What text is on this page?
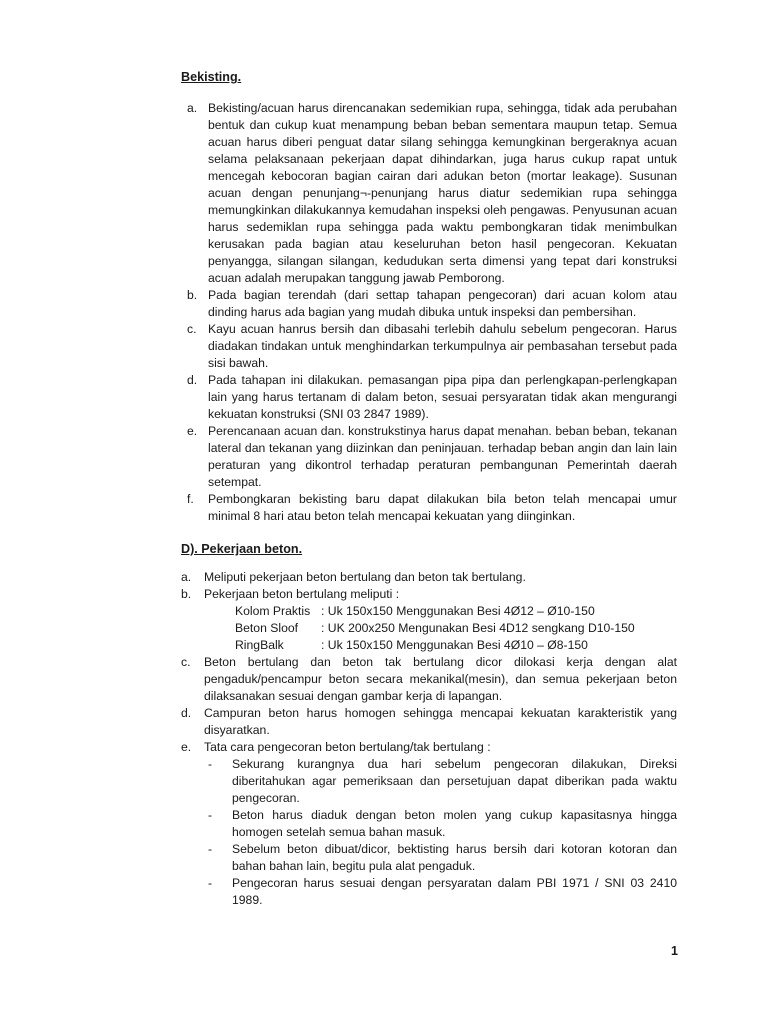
Bekisting.
a. Bekisting/acuan harus direncanakan sedemikian rupa, sehingga, tidak ada perubahan bentuk dan cukup kuat menampung beban beban sementara maupun tetap. Semua acuan harus diberi penguat datar silang sehingga kemungkinan bergeraknya acuan selama pelaksanaan pekerjaan dapat dihindarkan, juga harus cukup rapat untuk mencegah kebocoran bagian cairan dari adukan beton (mortar leakage). Susunan acuan dengan penunjang¬-penunjang harus diatur sedemikian rupa sehingga memungkinkan dilakukannya kemudahan inspeksi oleh pengawas. Penyusunan acuan harus sedemiklan rupa sehingga pada waktu pembongkaran tidak menimbulkan kerusakan pada bagian atau keseluruhan beton hasil pengecoran. Kekuatan penyangga, silangan silangan, kedudukan serta dimensi yang tepat dari konstruksi acuan adalah merupakan tanggung jawab Pemborong.
b. Pada bagian terendah (dari settap tahapan pengecoran) dari acuan kolom atau dinding harus ada bagian yang mudah dibuka untuk inspeksi dan pembersihan.
c. Kayu acuan hanrus bersih dan dibasahi terlebih dahulu sebelum pengecoran. Harus diadakan tindakan untuk menghindarkan terkumpulnya air pembasahan tersebut pada sisi bawah.
d. Pada tahapan ini dilakukan. pemasangan pipa pipa dan perlengkapan-perlengkapan lain yang harus tertanam di dalam beton, sesuai persyaratan tidak akan mengurangi kekuatan konstruksi (SNI 03 2847 1989).
e. Perencanaan acuan dan. konstrukstinya harus dapat menahan. beban beban, tekanan lateral dan tekanan yang diizinkan dan peninjauan. terhadap beban angin dan lain lain peraturan yang dikontrol terhadap peraturan pembangunan Pemerintah daerah setempat.
f. Pembongkaran bekisting baru dapat dilakukan bila beton telah mencapai umur minimal 8 hari atau beton telah mencapai kekuatan yang diinginkan.
D). Pekerjaan beton.
a. Meliputi pekerjaan beton bertulang dan beton tak bertulang.
b. Pekerjaan beton bertulang meliputi :
Kolom Praktis : Uk 150x150 Menggunakan Besi 4Ø12 – Ø10-150
Beton Sloof	: UK 200x250 Mengunakan Besi 4D12 sengkang D10-150
RingBalk	: Uk 150x150 Menggunakan Besi 4Ø10 – Ø8-150
c. Beton bertulang dan beton tak bertulang dicor dilokasi kerja dengan alat pengaduk/pencampur beton secara mekanikal(mesin), dan semua pekerjaan beton dilaksanakan sesuai dengan gambar kerja di lapangan.
d. Campuran beton harus homogen sehingga mencapai kekuatan karakteristik yang disyaratkan.
e. Tata cara pengecoran beton bertulang/tak bertulang :
- Sekurang kurangnya dua hari sebelum pengecoran dilakukan, Direksi diberitahukan agar pemeriksaan dan persetujuan dapat diberikan pada waktu pengecoran.
- Beton harus diaduk dengan beton molen yang cukup kapasitasnya hingga homogen setelah semua bahan masuk.
- Sebelum beton dibuat/dicor, bektisting harus bersih dari kotoran kotoran dan bahan bahan lain, begitu pula alat pengaduk.
- Pengecoran harus sesuai dengan persyaratan dalam PBI 1971 / SNI 03 2410 1989.
1
